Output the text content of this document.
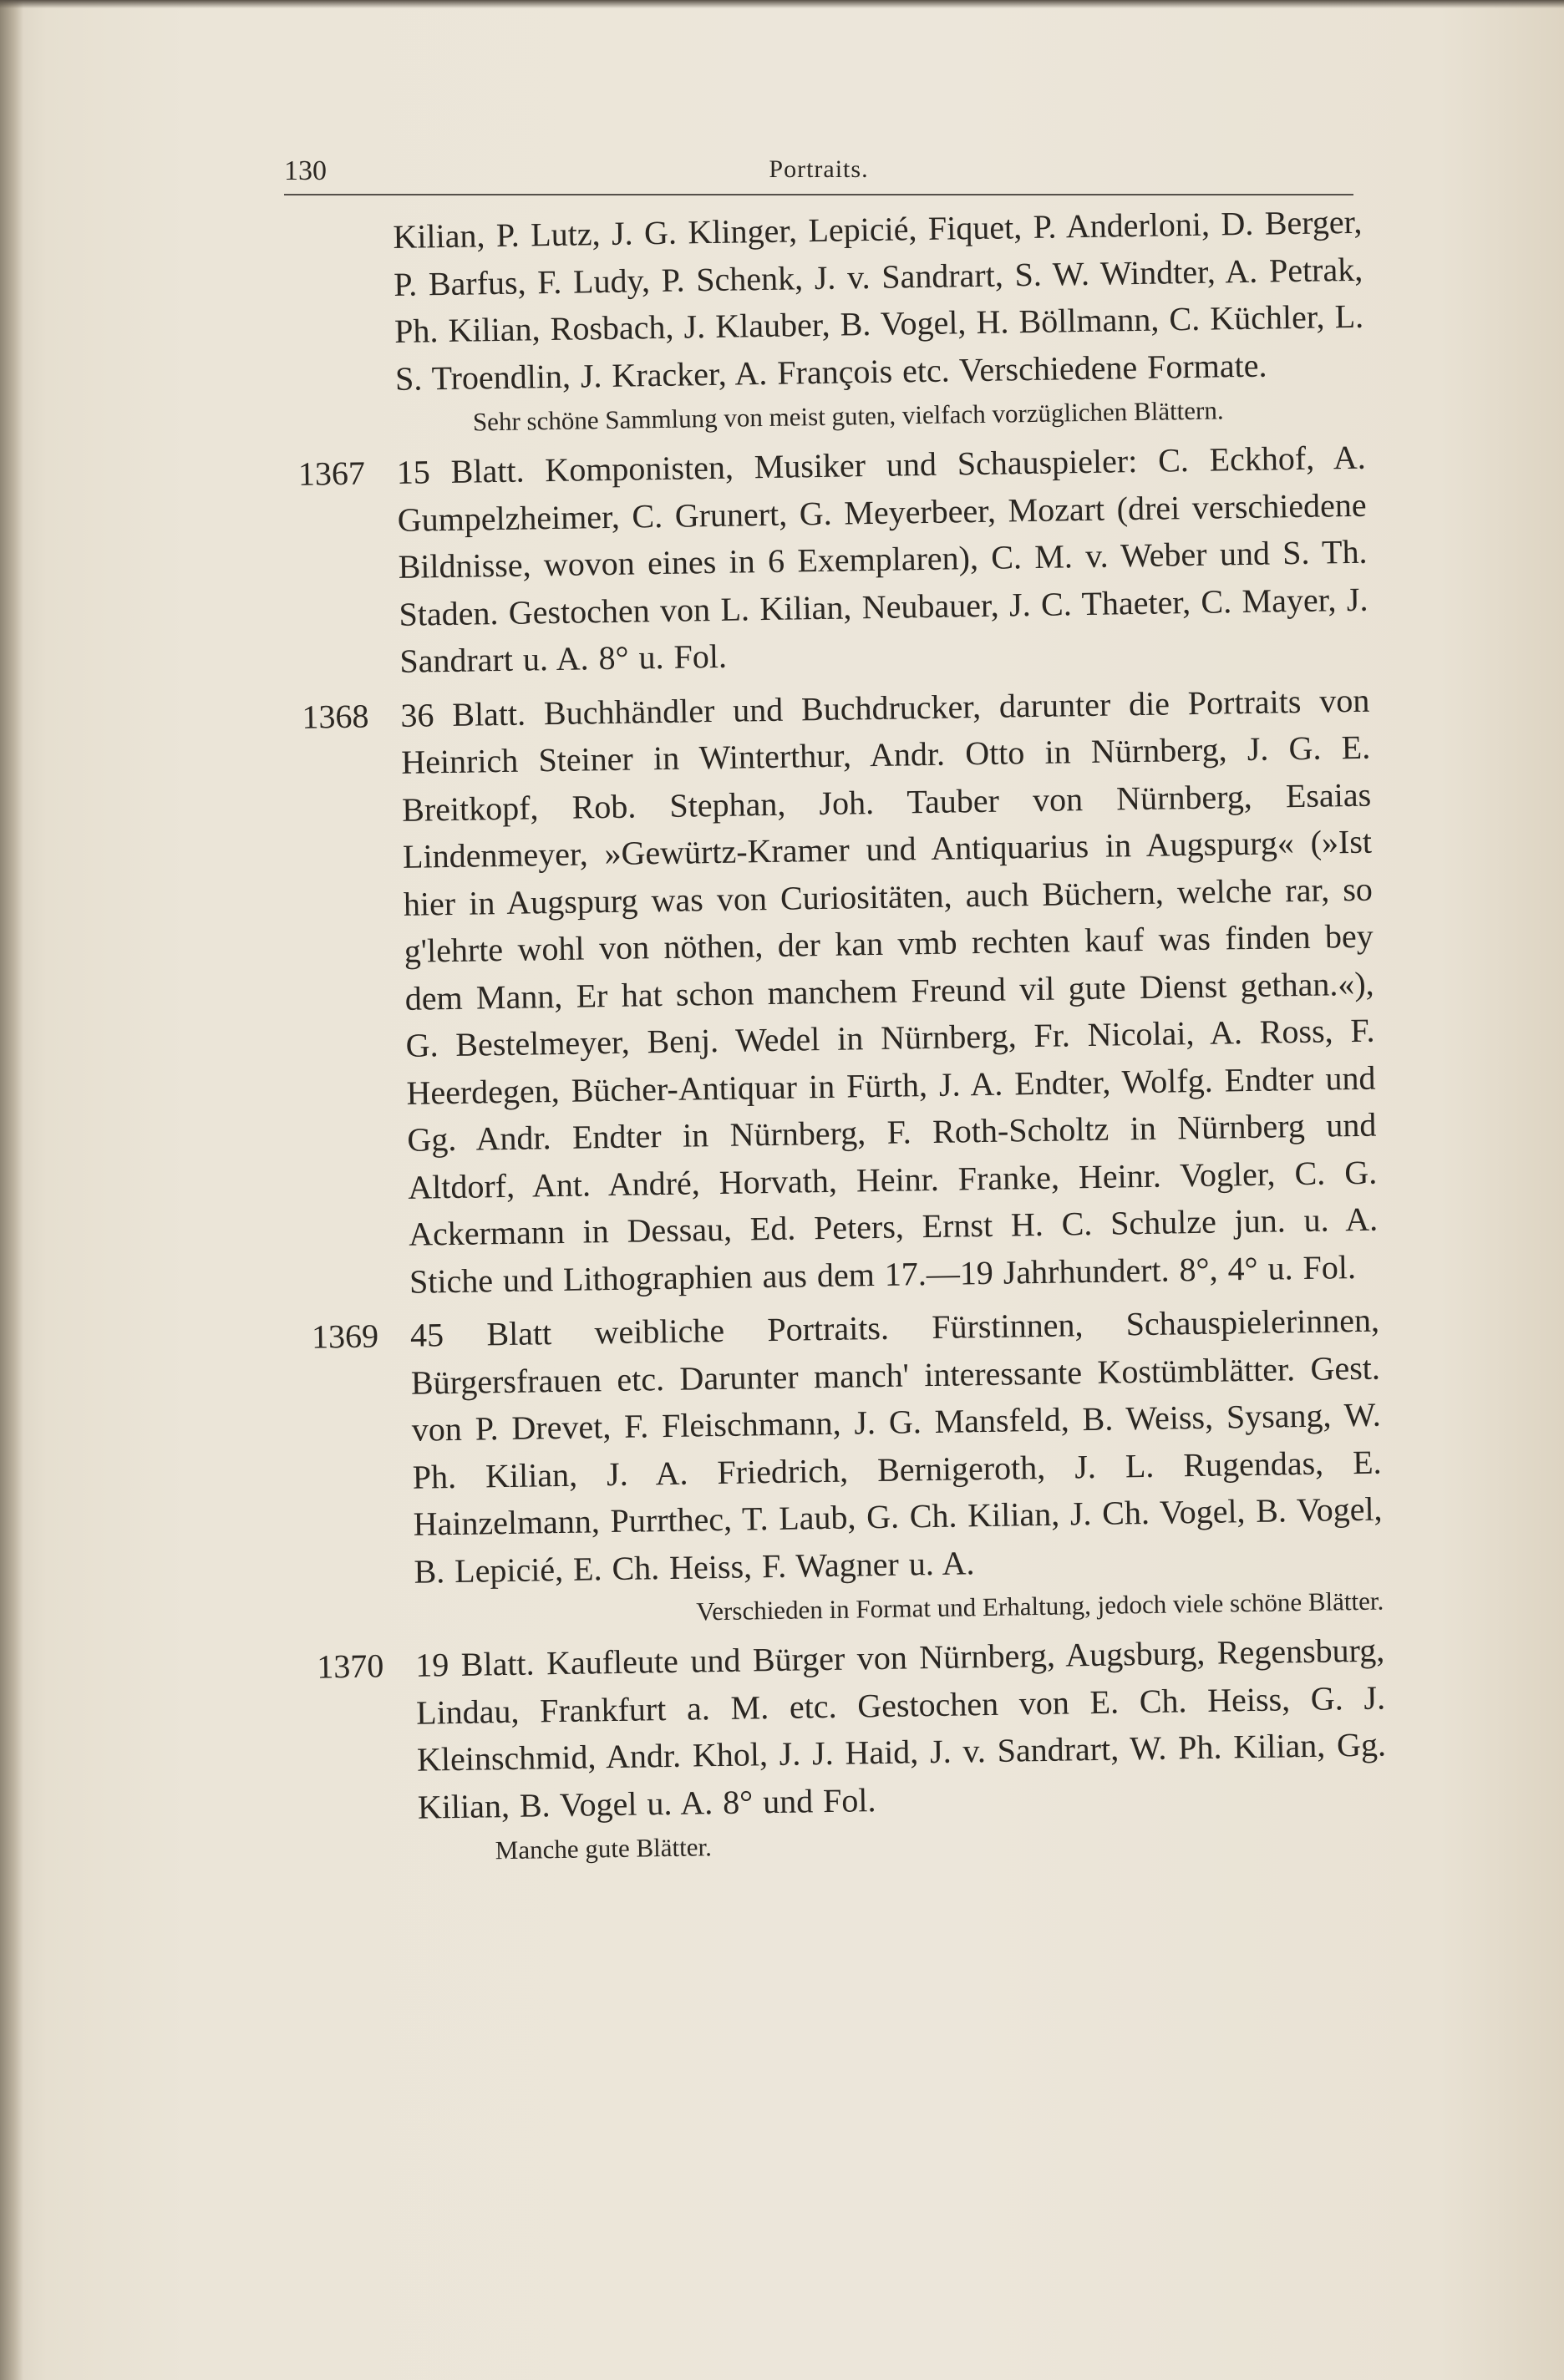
130	Portraits.

Kilian, P. Lutz, J. G. Klinger, Lepicié, Fiquet, P. Anderloni, D. Berger, P. Barfus, F. Ludy, P. Schenk, J. v. Sandrart, S. W. Windter, A. Petrak, Ph. Kilian, Rosbach, J. Klauber, B. Vogel, H. Böllmann, C. Küchler, L. S. Troendlin, J. Kracker, A. François etc. Verschiedene Formate.

Sehr schöne Sammlung von meist guten, vielfach vorzüglichen Blättern.

1367 15 Blatt. Komponisten, Musiker und Schauspieler: C. Eckhof, A. Gumpelzheimer, C. Grunert, G. Meyerbeer, Mozart (drei verschiedene Bildnisse, wovon eines in 6 Exemplaren), C. M. v. Weber und S. Th. Staden. Gestochen von L. Kilian, Neubauer, J. C. Thaeter, C. Mayer, J. Sandrart u. A. 8° u. Fol.

1368 36 Blatt. Buchhändler und Buchdrucker, darunter die Portraits von Heinrich Steiner in Winterthur, Andr. Otto in Nürnberg, J. G. E. Breitkopf, Rob. Stephan, Joh. Tauber von Nürnberg, Esaias Lindenmeyer, »Gewürtz-Kramer und Antiquarius in Augspurg« (»Ist hier in Augspurg was von Curiositäten, auch Büchern, welche rar, so g'lehrte wohl von nöthen, der kan vmb rechten kauf was finden bey dem Mann, Er hat schon manchem Freund vil gute Dienst gethan.«), G. Bestelmeyer, Benj. Wedel in Nürnberg, Fr. Nicolai, A. Ross, F. Heerdegen, Bücher-Antiquar in Fürth, J. A. Endter, Wolfg. Endter und Gg. Andr. Endter in Nürnberg, F. Roth-Scholtz in Nürnberg und Altdorf, Ant. André, Horvath, Heinr. Franke, Heinr. Vogler, C. G. Ackermann in Dessau, Ed. Peters, Ernst H. C. Schulze jun. u. A. Stiche und Lithographien aus dem 17.—19 Jahrhundert. 8°, 4° u. Fol.

1369 45 Blatt weibliche Portraits. Fürstinnen, Schauspielerinnen, Bürgersfrauen etc. Darunter manch' interessante Kostümblätter. Gest. von P. Drevet, F. Fleischmann, J. G. Mansfeld, B. Weiss, Sysang, W. Ph. Kilian, J. A. Friedrich, Bernigeroth, J. L. Rugendas, E. Hainzelmann, Purrthec, T. Laub, G. Ch. Kilian, J. Ch. Vogel, B. Vogel, B. Lepicié, E. Ch. Heiss, F. Wagner u. A.

Verschieden in Format und Erhaltung, jedoch viele schöne Blätter.

1370 19 Blatt. Kaufleute und Bürger von Nürnberg, Augsburg, Regensburg, Lindau, Frankfurt a. M. etc. Gestochen von E. Ch. Heiss, G. J. Kleinschmid, Andr. Khol, J. J. Haid, J. v. Sandrart, W. Ph. Kilian, Gg. Kilian, B. Vogel u. A. 8° und Fol.

Manche gute Blätter.
